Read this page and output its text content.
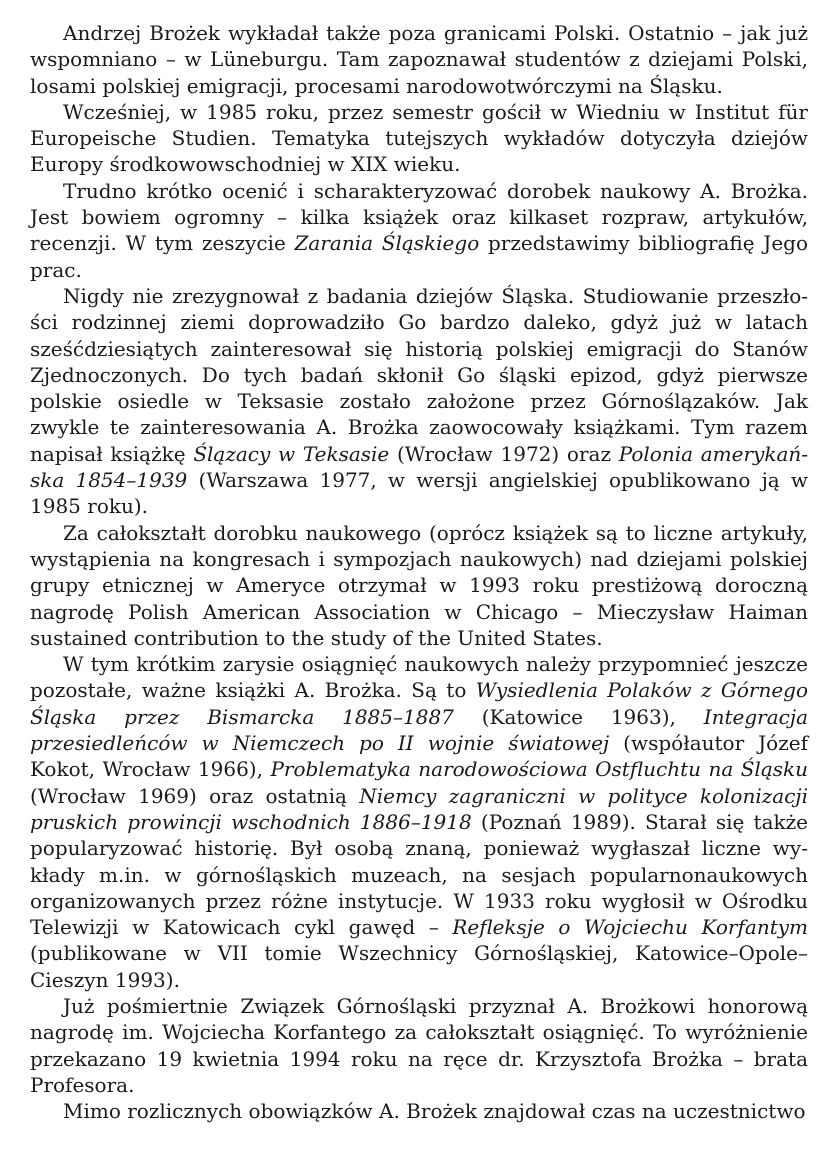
Andrzej Brożek wykładał także poza granicami Polski. Ostatnio – jak już wspomniano – w Lüneburgu. Tam zapoznawał studentów z dziejami Polski, losami polskiej emigracji, procesami narodowotwórczymi na Śląsku.

Wcześniej, w 1985 roku, przez semestr gościł w Wiedniu w Institut für Europeische Studien. Tematyka tutejszych wykładów dotyczyła dziejów Europy środkowowschodniej w XIX wieku.

Trudno krótko ocenić i scharakteryzować dorobek naukowy A. Brożka. Jest bowiem ogromny – kilka książek oraz kilkaset rozpraw, artykułów, recenzji. W tym zeszycie Zarania Śląskiego przedstawimy bibliografię Jego prac.

Nigdy nie zrezygnował z badania dziejów Śląska. Studiowanie przeszłości rodzinnej ziemi doprowadziło Go bardzo daleko, gdyż już w latach sześćdziesiątych zainteresował się historią polskiej emigracji do Stanów Zjednoczonych. Do tych badań skłonił Go śląski epizod, gdyż pierwsze polskie osiedle w Teksasie zostało założone przez Górnoślązaków. Jak zwykle te zainteresowania A. Brożka zaowocowały książkami. Tym razem napisał książkę Ślązacy w Teksasie (Wrocław 1972) oraz Polonia amerykańska 1854–1939 (Warszawa 1977, w wersji angielskiej opublikowano ją w 1985 roku).

Za całokształt dorobku naukowego (oprócz książek są to liczne artykuły, wystąpienia na kongresach i sympozjach naukowych) nad dziejami polskiej grupy etnicznej w Ameryce otrzymał w 1993 roku prestiżową doroczną nagrodę Polish American Association w Chicago – Mieczysław Haiman sustained contribution to the study of the United States.

W tym krótkim zarysie osiągnięć naukowych należy przypomnieć jeszcze pozostałe, ważne książki A. Brożka. Są to Wysiedlenia Polaków z Górnego Śląska przez Bismarcka 1885–1887 (Katowice 1963), Integracja przesiedleńców w Niemczech po II wojnie światowej (współautor Józef Kokot, Wrocław 1966), Problematyka narodowościowa Ostfluchtu na Śląsku (Wrocław 1969) oraz ostatnią Niemcy zagraniczni w polityce kolonizacji pruskich prowincji wschodnich 1886–1918 (Poznań 1989). Starał się także popularyzować historię. Był osobą znaną, ponieważ wygłaszał liczne wykłady m.in. w górnośląskich muzeach, na sesjach popularnonaukowych organizowanych przez różne instytucje. W 1933 roku wygłosił w Ośrodku Telewizji w Katowicach cykl gawęd – Refleksje o Wojciechu Korfantym (publikowane w VII tomie Wszechnicy Górnośląskiej, Katowice–Opole–Cieszyn 1993).

Już pośmiertnie Związek Górnośląski przyznał A. Brożkowi honorową nagrodę im. Wojciecha Korfantego za całokształt osiągnięć. To wyróżnienie przekazano 19 kwietnia 1994 roku na ręce dr. Krzysztofa Brożka – brata Profesora.

Mimo rozlicznych obowiązków A. Brożek znajdował czas na uczestnictwo
